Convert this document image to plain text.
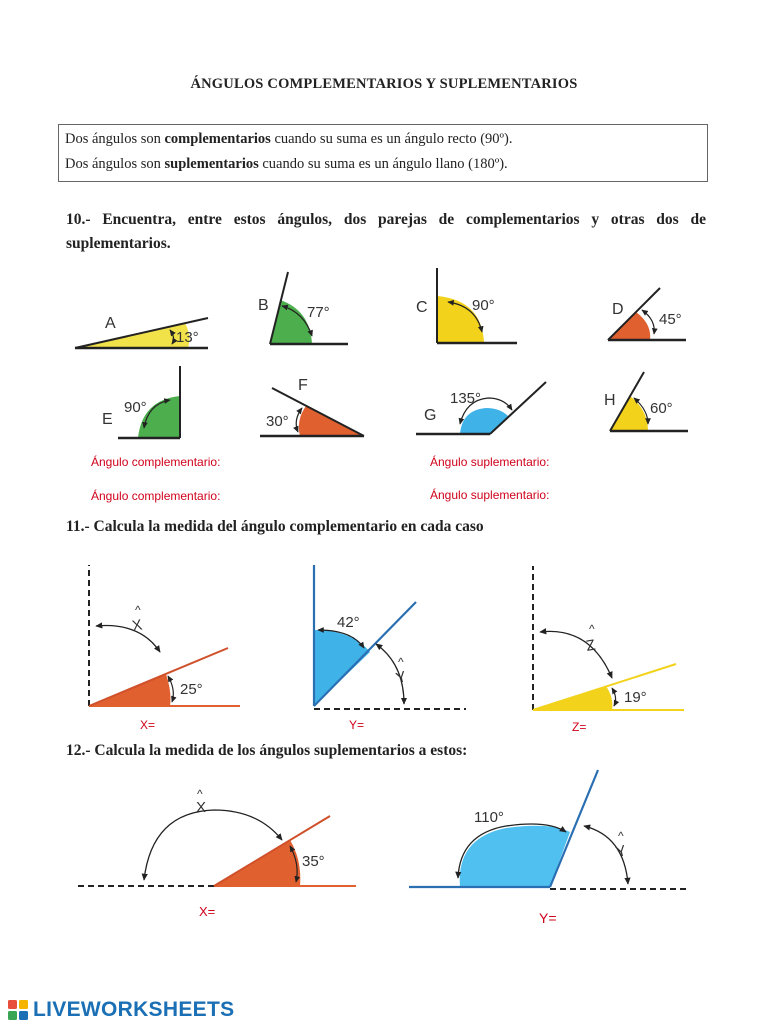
ÁNGULOS COMPLEMENTARIOS Y SUPLEMENTARIOS
Dos ángulos son complementarios cuando su suma es un ángulo recto (90º).
Dos ángulos son suplementarios cuando su suma es un ángulo llano (180º).
10.- Encuentra, entre estos ángulos, dos parejas de complementarios y otras dos de suplementarios.
A
13°
B	77°	C	90°	D
45°
E
90°
F
30°	G
135°	H 60°
X
^
25°
42°
Y
^
Z
^
19°
X
^
35°
110°
Y
^
Ángulo complementario:
Ángulo complementario:
Ángulo suplementario:
Ángulo suplementario:
11.- Calcula la medida del ángulo complementario en cada caso
X=	Y=	Z=
12.- Calcula la medida de los ángulos suplementarios a estos:
X=	Y=
LIVEWORKSHEETS
